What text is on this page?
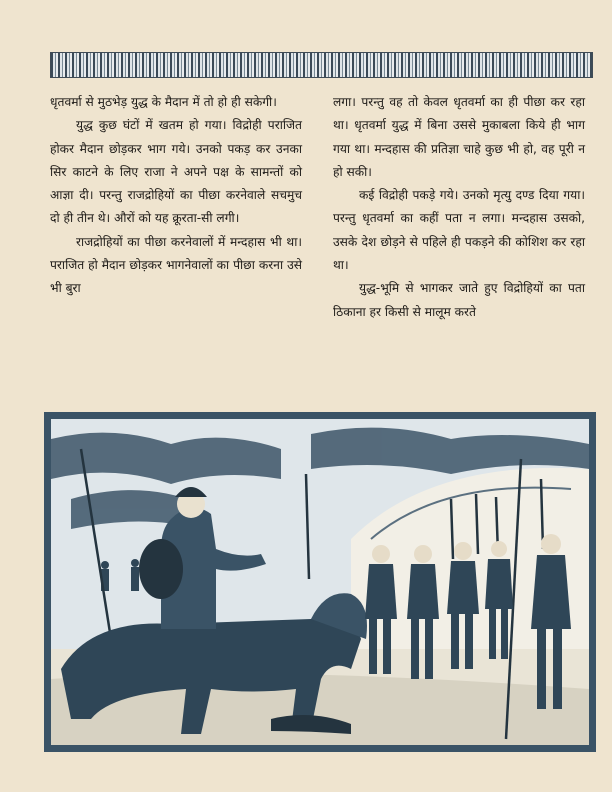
धृतवर्मा से मुठभेड़ युद्ध के मैदान में तो हो ही सकेगी।

युद्ध कुछ घंटों में खतम हो गया। विद्रोही पराजित होकर मैदान छोड़कर भाग गये। उनको पकड़ कर उनका सिर काटने के लिए राजा ने अपने पक्ष के सामन्तों को आज्ञा दी। परन्तु राजद्रोहियों का पीछा करनेवाले सचमुच दो ही तीन थे। औरों को यह क्रूरता-सी लगी।

राजद्रोहियों का पीछा करनेवालों में मन्दहास भी था। पराजित हो मैदान छोड़कर भागनेवालों का पीछा करना उसे भी बुरा

लगा। परन्तु वह तो केवल धृतवर्मा का ही पीछा कर रहा था। धृतवर्मा युद्ध में बिना उससे मुकाबला किये ही भाग गया था। मन्दहास की प्रतिज्ञा चाहे कुछ भी हो, वह पूरी न हो सकी।

कई विद्रोही पकड़े गये। उनको मृत्यु दण्ड दिया गया। परन्तु धृतवर्मा का कहीं पता न लगा। मन्दहास उसको, उसके देश छोड़ने से पहिले ही पकड़ने की कोशिश कर रहा था।

युद्ध-भूमि से भागकर जाते हुए विद्रोहियों का पता ठिकाना हर किसी से मालूम करते
